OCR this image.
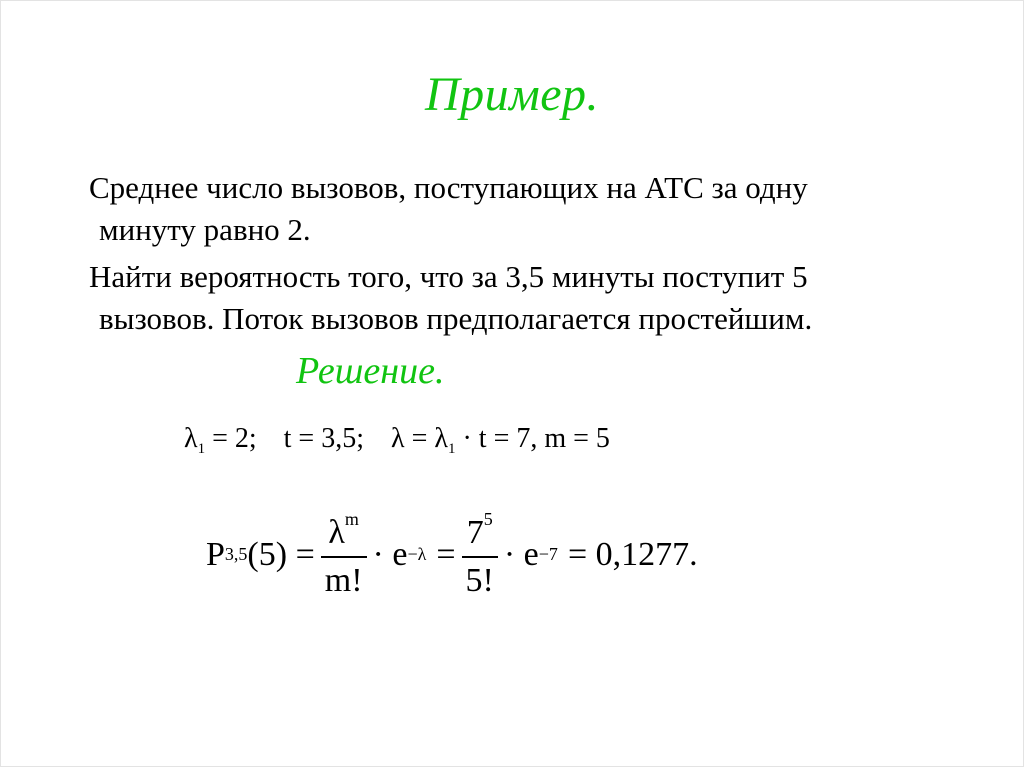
Пример.
Среднее число вызовов, поступающих на АТС за одну
минуту равно 2.
Найти вероятность того, что за 3,5 минуты поступит 5
вызовов. Поток вызовов предполагается простейшим.
Решение.
$\lambda_1 = 2$; t = 3,5; $\lambda = \lambda_1 \cdot t = 7$, m = 5
P 3,5 $(5) = \frac{\lambda^m}{m!} \cdot e -\lambda = \frac{7^5}{5!} \cdot e -7 = 0,1277$.
